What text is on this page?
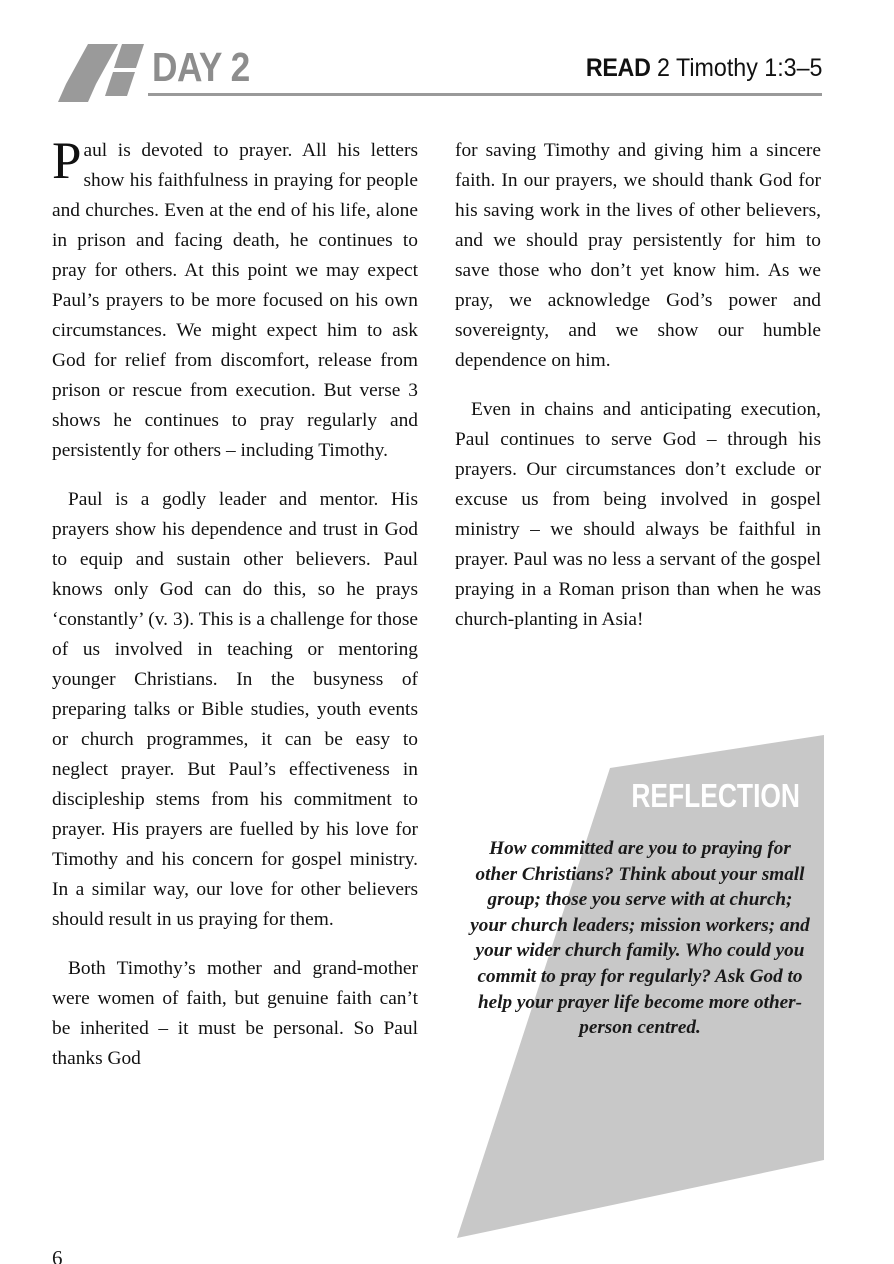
DAY 2	READ 2 Timothy 1:3–5

Paul is devoted to prayer. All his letters show his faithfulness in praying for people and churches. Even at the end of his life, alone in prison and facing death, he continues to pray for others. At this point we may expect Paul’s prayers to be more focused on his own circumstances. We might expect him to ask God for relief from discomfort, release from prison or rescue from execution. But verse 3 shows he continues to pray regularly and persistently for others – including Timothy.

Paul is a godly leader and mentor. His prayers show his dependence and trust in God to equip and sustain other believers. Paul knows only God can do this, so he prays ‘constantly’ (v. 3). This is a challenge for those of us involved in teaching or mentoring younger Christians. In the busyness of preparing talks or Bible studies, youth events or church programmes, it can be easy to neglect prayer. But Paul’s effectiveness in discipleship stems from his commitment to prayer. His prayers are fuelled by his love for Timothy and his concern for gospel ministry. In a similar way, our love for other believers should result in us praying for them.

Both Timothy’s mother and grand-mother were women of faith, but genuine faith can’t be inherited – it must be personal. So Paul thanks God

for saving Timothy and giving him a sincere faith. In our prayers, we should thank God for his saving work in the lives of other believers, and we should pray persistently for him to save those who don’t yet know him. As we pray, we acknowledge God’s power and sovereignty, and we show our humble dependence on him.

Even in chains and anticipating execution, Paul continues to serve God – through his prayers. Our circumstances don’t exclude or excuse us from being involved in gospel ministry – we should always be faithful in prayer. Paul was no less a servant of the gospel praying in a Roman prison than when he was church-planting in Asia!

REFLECTION
How committed are you to praying for other Christians? Think about your small group; those you serve with at church; your church leaders; mission workers; and your wider church family. Who could you commit to pray for regularly? Ask God to help your prayer life become more other-person centred.
6
